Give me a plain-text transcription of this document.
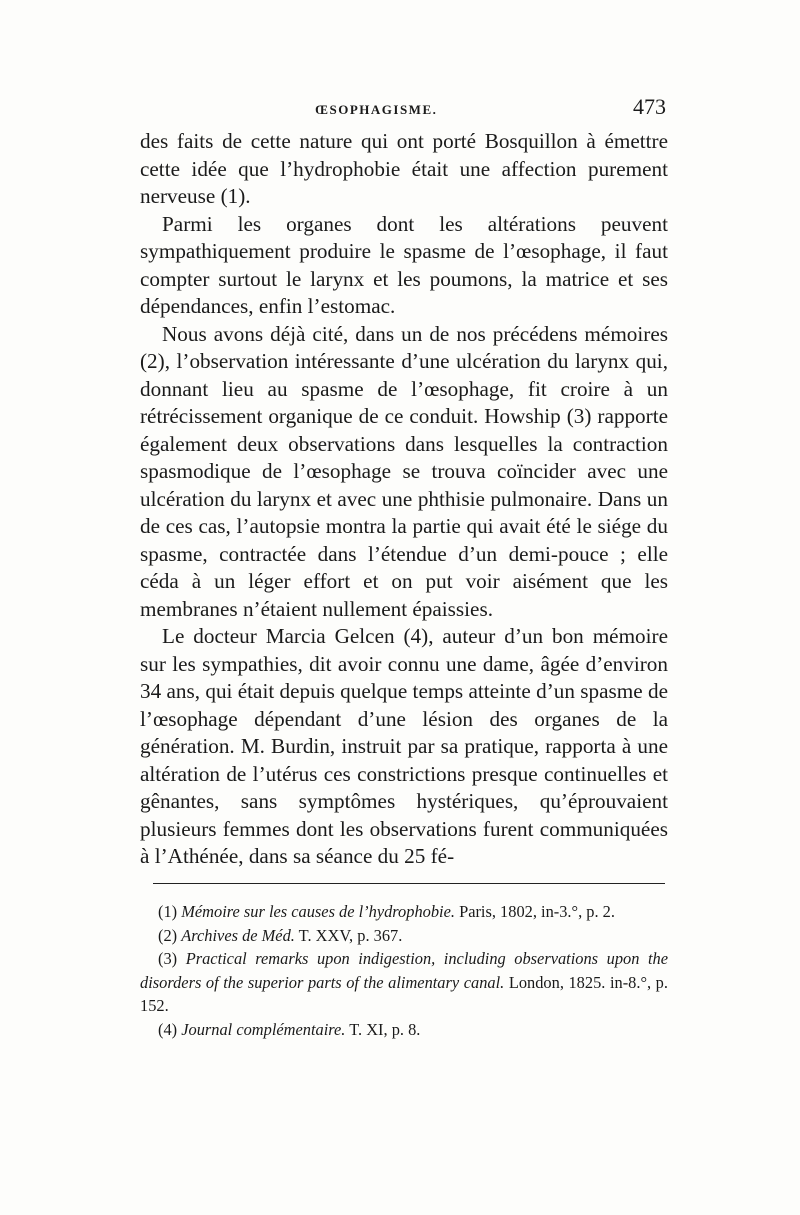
ŒSOPHAGISME.	473

des faits de cette nature qui ont porté Bosquillon à émettre cette idée que l’hydrophobie était une affection purement nerveuse (1).

Parmi les organes dont les altérations peuvent sympathiquement produire le spasme de l’œsophage, il faut compter surtout le larynx et les poumons, la matrice et ses dépendances, enfin l’estomac.

Nous avons déjà cité, dans un de nos précédens mémoires (2), l’observation intéressante d’une ulcération du larynx qui, donnant lieu au spasme de l’œsophage, fit croire à un rétrécissement organique de ce conduit. Howship (3) rapporte également deux observations dans lesquelles la contraction spasmodique de l’œsophage se trouva coïncider avec une ulcération du larynx et avec une phthisie pulmonaire. Dans un de ces cas, l’autopsie montra la partie qui avait été le siége du spasme, contractée dans l’étendue d’un demi-pouce ; elle céda à un léger effort et on put voir aisément que les membranes n’étaient nullement épaissies.

Le docteur Marcia Gelcen (4), auteur d’un bon mémoire sur les sympathies, dit avoir connu une dame, âgée d’environ 34 ans, qui était depuis quelque temps atteinte d’un spasme de l’œsophage dépendant d’une lésion des organes de la génération. M. Burdin, instruit par sa pratique, rapporta à une altération de l’utérus ces constrictions presque continuelles et gênantes, sans symptômes hystériques, qu’éprouvaient plusieurs femmes dont les observations furent communiquées à l’Athénée, dans sa séance du 25 fé-

(1) Mémoire sur les causes de l’hydrophobie. Paris, 1802, in-3.°, p. 2.

(2) Archives de Méd. T. XXV, p. 367.

(3) Practical remarks upon indigestion, including observations upon the disorders of the superior parts of the alimentary canal. London, 1825. in-8.°, p. 152.

(4) Journal complémentaire. T. XI, p. 8.
